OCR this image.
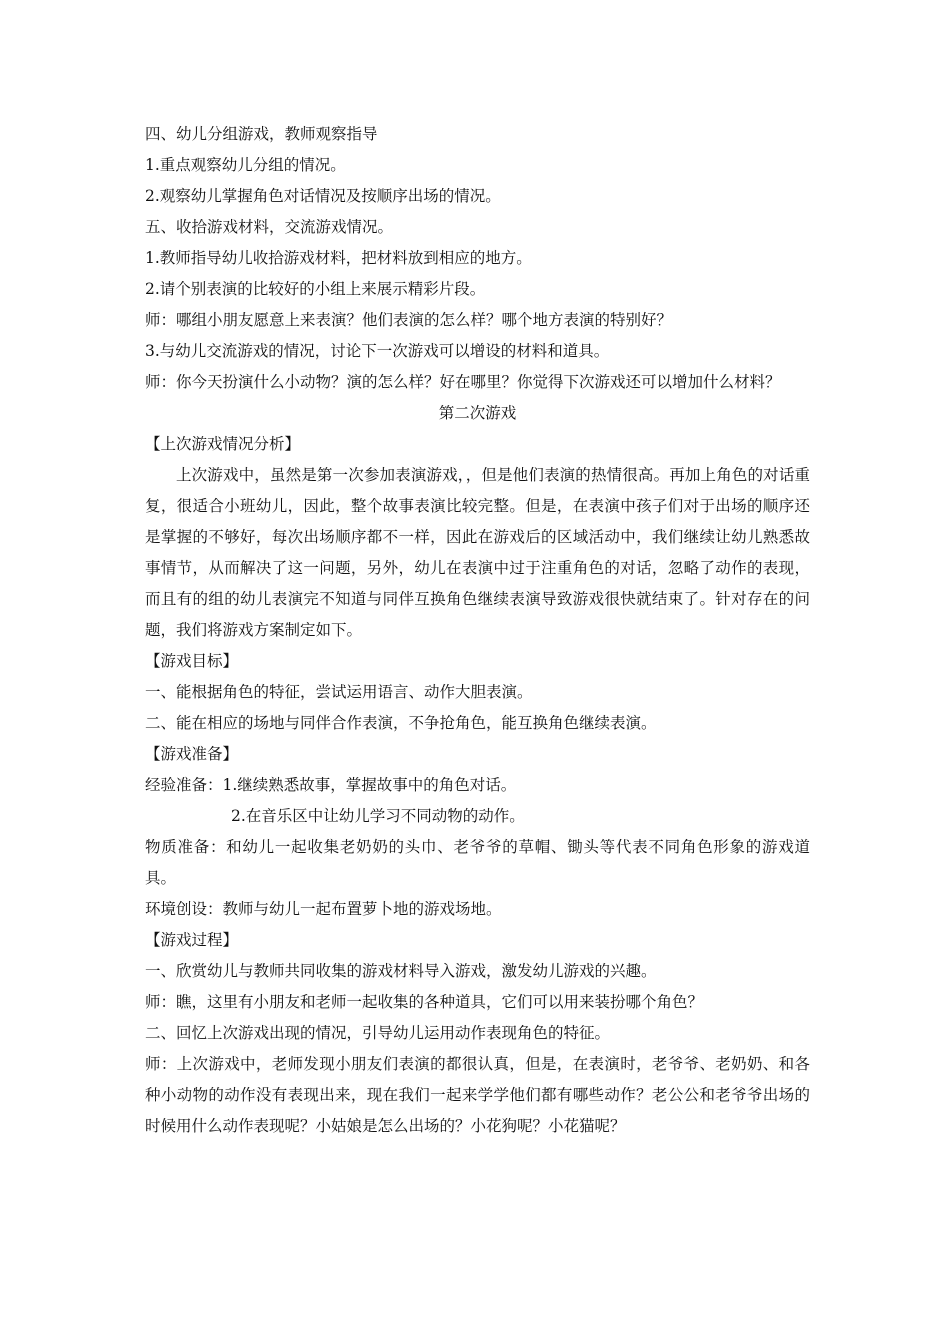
四、幼儿分组游戏，教师观察指导

1.重点观察幼儿分组的情况。

2.观察幼儿掌握角色对话情况及按顺序出场的情况。

五、收拾游戏材料，交流游戏情况。

1.教师指导幼儿收拾游戏材料，把材料放到相应的地方。

2.请个别表演的比较好的小组上来展示精彩片段。

师：哪组小朋友愿意上来表演？他们表演的怎么样？哪个地方表演的特别好？

3.与幼儿交流游戏的情况，讨论下一次游戏可以增设的材料和道具。

师：你今天扮演什么小动物？演的怎么样？好在哪里？你觉得下次游戏还可以增加什么材料？

第二次游戏

【上次游戏情况分析】

上次游戏中，虽然是第一次参加表演游戏，，但是他们表演的热情很高。再加上角色的对话重复，很适合小班幼儿，因此，整个故事表演比较完整。但是，在表演中孩子们对于出场的顺序还是掌握的不够好，每次出场顺序都不一样，因此在游戏后的区域活动中，我们继续让幼儿熟悉故事情节，从而解决了这一问题，另外，幼儿在表演中过于注重角色的对话，忽略了动作的表现，而且有的组的幼儿表演完不知道与同伴互换角色继续表演导致游戏很快就结束了。针对存在的问题，我们将游戏方案制定如下。

【游戏目标】

一、能根据角色的特征，尝试运用语言、动作大胆表演。

二、能在相应的场地与同伴合作表演，不争抢角色，能互换角色继续表演。

【游戏准备】

经验准备：1.继续熟悉故事，掌握故事中的角色对话。

2.在音乐区中让幼儿学习不同动物的动作。

物质准备：和幼儿一起收集老奶奶的头巾、老爷爷的草帽、锄头等代表不同角色形象的游戏道具。

环境创设：教师与幼儿一起布置萝卜地的游戏场地。

【游戏过程】

一、欣赏幼儿与教师共同收集的游戏材料导入游戏，激发幼儿游戏的兴趣。

师：瞧，这里有小朋友和老师一起收集的各种道具，它们可以用来装扮哪个角色？

二、回忆上次游戏出现的情况，引导幼儿运用动作表现角色的特征。

师：上次游戏中，老师发现小朋友们表演的都很认真，但是，在表演时，老爷爷、老奶奶、和各种小动物的动作没有表现出来，现在我们一起来学学他们都有哪些动作？老公公和老爷爷出场的时候用什么动作表现呢？小姑娘是怎么出场的？小花狗呢？小花猫呢？
